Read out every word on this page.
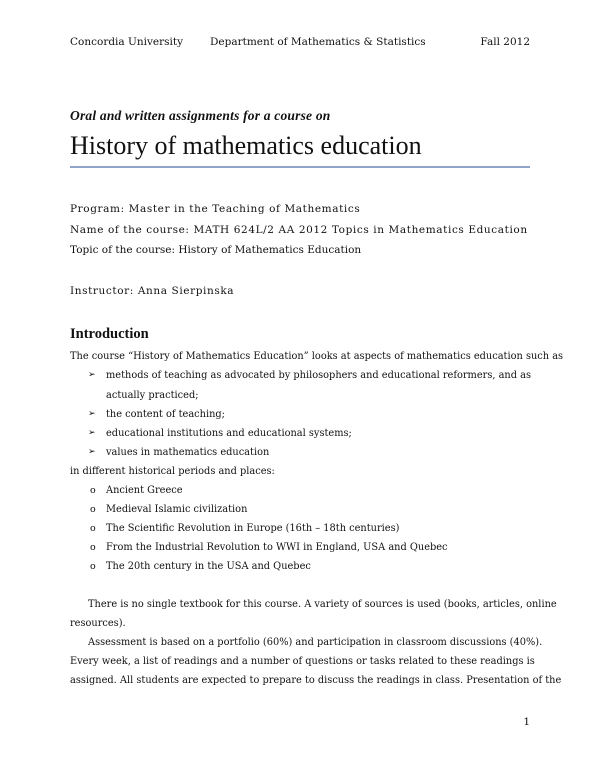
Concordia University	Department of Mathematics & Statistics	Fall 2012
Oral and written assignments for a course on
History of mathematics education
Program: Master in the Teaching of Mathematics
Name of the course: MATH 624L/2 AA 2012 Topics in Mathematics Education
Topic of the course: History of Mathematics Education
Instructor: Anna Sierpinska
Introduction
The course “History of Mathematics Education” looks at aspects of mathematics education such as
➢ methods of teaching as advocated by philosophers and educational reformers, and as
actually practiced;
➢ the content of teaching;
➢ educational institutions and educational systems;
➢ values in mathematics education
in different historical periods and places:
o Ancient Greece
o Medieval Islamic civilization
o The Scientific Revolution in Europe (16th – 18th centuries)
o From the Industrial Revolution to WWI in England, USA and Quebec
o The 20th century in the USA and Quebec
There is no single textbook for this course. A variety of sources is used (books, articles, online
resources).
Assessment is based on a portfolio (60%) and participation in classroom discussions (40%).
Every week, a list of readings and a number of questions or tasks related to these readings is
assigned. All students are expected to prepare to discuss the readings in class. Presentation of the
1
